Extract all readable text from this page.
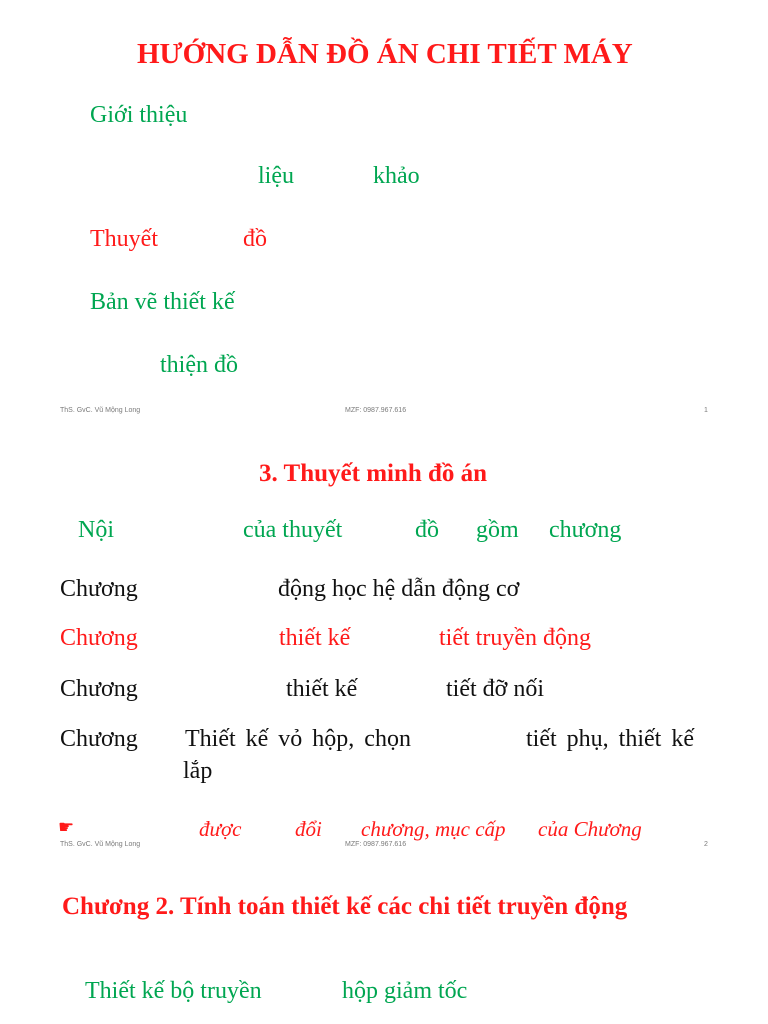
HƯỚNG DẪN ĐỒ ÁN CHI TIẾT MÁY
Giới thiệu
liệu	khảo
Thuyết	đồ
Bản vẽ thiết kế
thiện đồ
ThS. GvC. Vũ Mộng Long	MZF: 0987.967.616	1
3. Thuyết minh đồ án
Nội	của thuyết	đồ gồm chương
Chương	động học hệ dẫn động cơ
Chương	thiết kế	tiết truyền động
Chương	thiết kế	tiết đỡ nối
Chương Thiết kế vỏ hộp, chọn	tiết phụ, thiết kế
lắp
☛	được	đổi chương, mục cấp của Chương
ThS. GvC. Vũ Mộng Long	MZF: 0987.967.616	2
Chương 2. Tính toán thiết kế các chi tiết truyền động
Thiết kế bộ truyền	hộp giảm tốc
